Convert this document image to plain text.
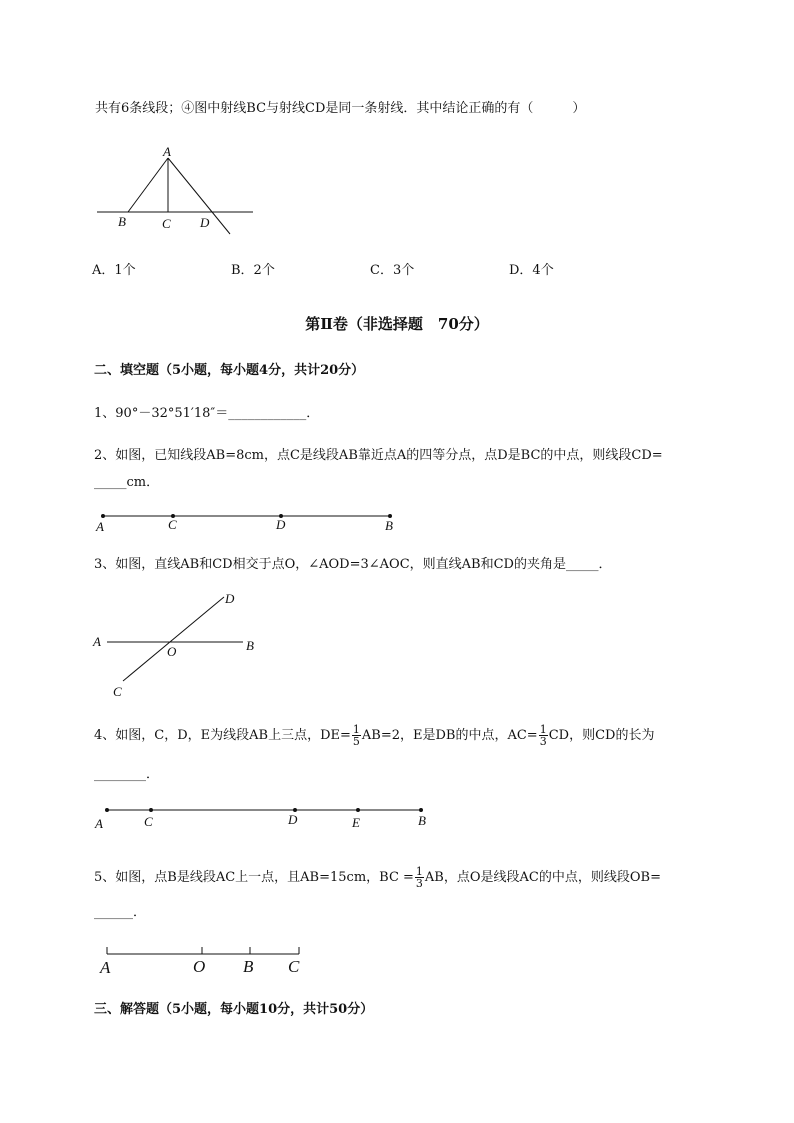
共有6条线段；④图中射线BC与射线CD是同一条射线．其中结论正确的有（　　　）
A
B	C D
A．1个	B．2个	C．3个	D．4个
第Ⅱ卷（非选择题　70分）
二、填空题（5小题，每小题4分，共计20分）
1、90°－32°51′18″＝____________．
2、如图，已知线段AB=8cm，点C是线段AB靠近点A的四等分点，点D是BC的中点，则线段CD=
_____cm．
A	C	D	B
3、如图，直线AB和CD相交于点O，∠AOD=3∠AOC，则直线AB和CD的夹角是_____．
A	B
D
O
C
4、如图，C，D，E为线段AB上三点，$DE= \frac{1}{5} AB=2$，E是DB的中点，$AC= \frac{1}{3}$ CD，则CD的长为
________．
A	C	D	E	B
5、如图，点B是线段AC上一点，且AB=15cm，BC = $\frac{1}{3}$ AB，点O是线段AC的中点，则线段OB=
______．
A	O B C
三、解答题（5小题，每小题10分，共计50分）
